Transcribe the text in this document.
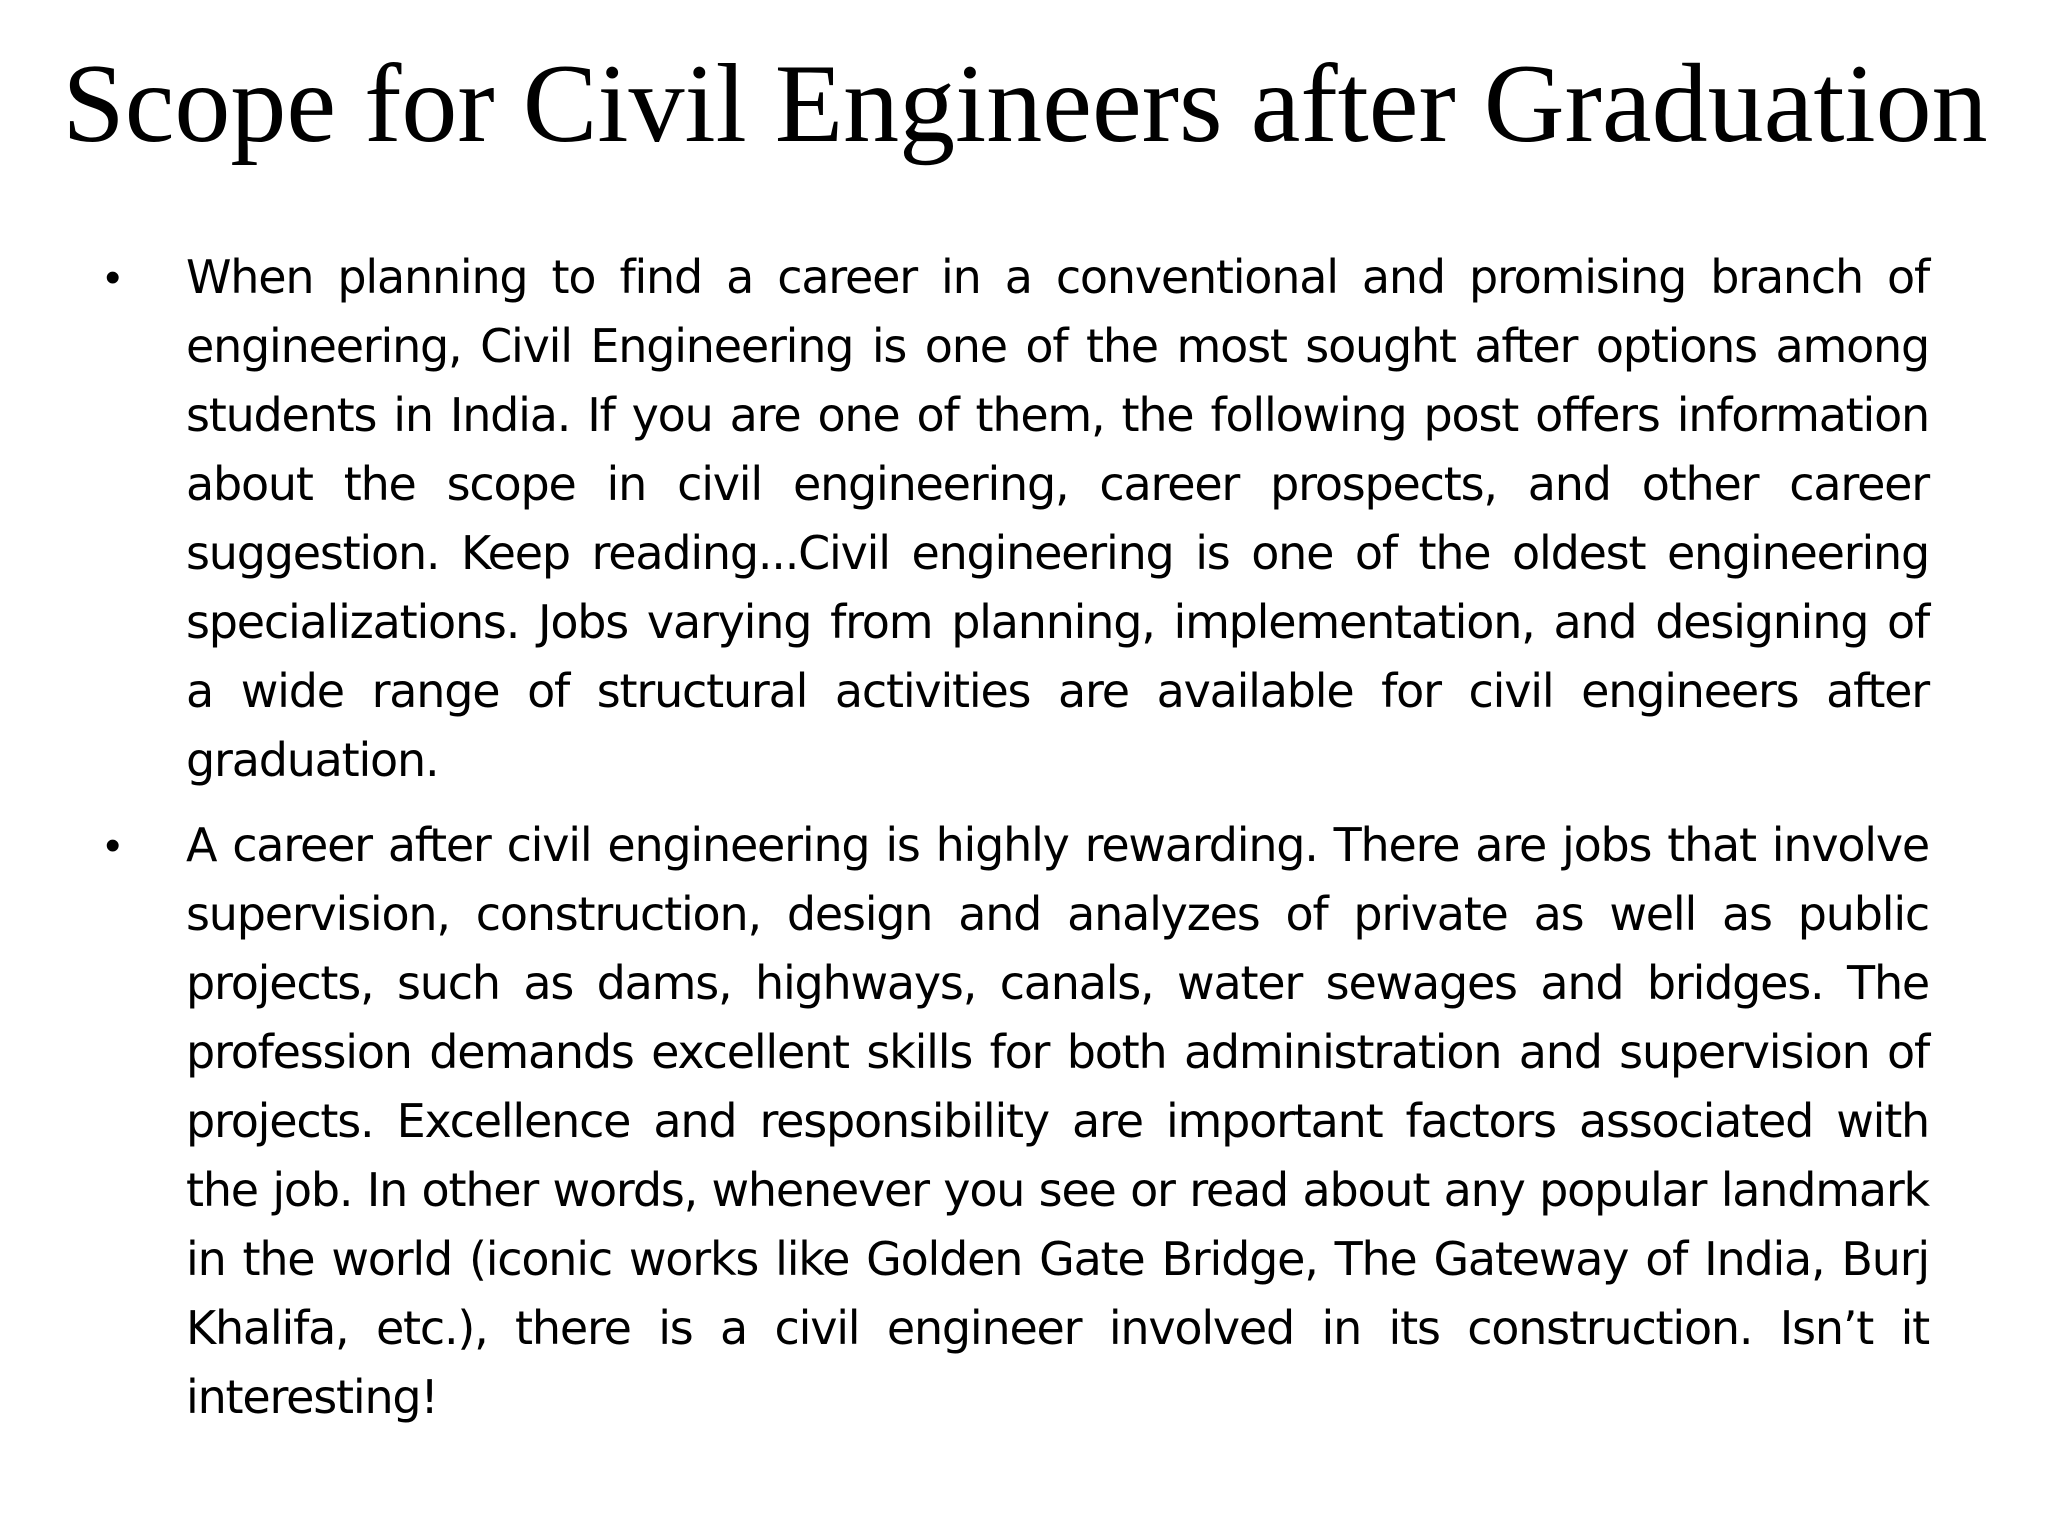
Scope for Civil Engineers after Graduation
• When planning to find a career in a conventional and promising branch of engineering, Civil Engineering is one of the most sought after options among students in India. If you are one of them, the following post offers information about the scope in civil engineering, career prospects, and other career suggestion. Keep reading...Civil engineering is one of the oldest engineering specializations. Jobs varying from planning, implementation, and designing of a wide range of structural activities are available for civil engineers after graduation.
• A career after civil engineering is highly rewarding. There are jobs that involve supervision, construction, design and analyzes of private as well as public projects, such as dams, highways, canals, water sewages and bridges. The profession demands excellent skills for both administration and supervision of projects. Excellence and responsibility are important factors associated with the job. In other words, whenever you see or read about any popular landmark in the world (iconic works like Golden Gate Bridge, The Gateway of India, Burj Khalifa, etc.), there is a civil engineer involved in its construction. Isn’t it interesting!
